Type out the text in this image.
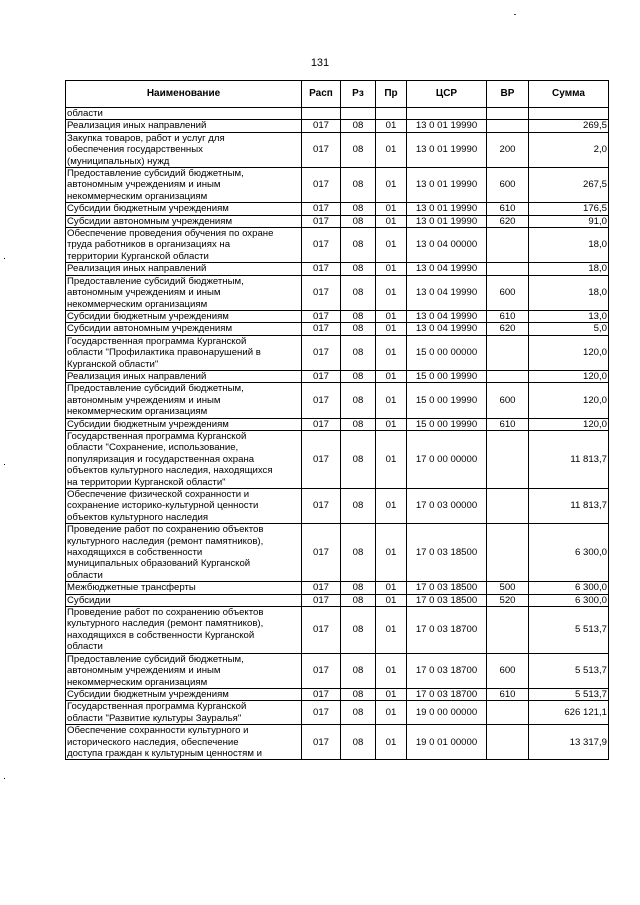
131
Наименование	Расп	Рз	Пр	ЦСР	ВР	Сумма
области						
Реализация иных направлений	017	08	01	13 0 01 19990		269,5
Закупка товаров, работ и услуг для
обеспечения государственных
(муниципальных) нужд	017	08	01	13 0 01 19990	200	2,0
Предоставление субсидий бюджетным,
автономным учреждениям и иным
некоммерческим организациям	017	08	01	13 0 01 19990	600	267,5
Субсидии бюджетным учреждениям	017	08	01	13 0 01 19990	610	176,5
Субсидии автономным учреждениям	017	08	01	13 0 01 19990	620	91,0
Обеспечение проведения обучения по охране
труда работников в организациях на
территории Курганской области	017	08	01	13 0 04 00000		18,0
Реализация иных направлений	017	08	01	13 0 04 19990		18,0
Предоставление субсидий бюджетным,
автономным учреждениям и иным
некоммерческим организациям	017	08	01	13 0 04 19990	600	18,0
Субсидии бюджетным учреждениям	017	08	01	13 0 04 19990	610	13,0
Субсидии автономным учреждениям	017	08	01	13 0 04 19990	620	5,0
Государственная программа Курганской
области "Профилактика правонарушений в
Курганской области"	017	08	01	15 0 00 00000		120,0
Реализация иных направлений	017	08	01	15 0 00 19990		120,0
Предоставление субсидий бюджетным,
автономным учреждениям и иным
некоммерческим организациям	017	08	01	15 0 00 19990	600	120,0
Субсидии бюджетным учреждениям	017	08	01	15 0 00 19990	610	120,0
Государственная программа Курганской
области "Сохранение, использование,
популяризация и государственная охрана
объектов культурного наследия, находящихся
на территории Курганской области"	017	08	01	17 0 00 00000		11 813,7
Обеспечение физической сохранности и
сохранение историко-культурной ценности
объектов культурного наследия	017	08	01	17 0 03 00000		11 813,7
Проведение работ по сохранению объектов
культурного наследия (ремонт памятников),
находящихся в собственности
муниципальных образований Курганской
области	017	08	01	17 0 03 18500		6 300,0
Межбюджетные трансферты	017	08	01	17 0 03 18500	500	6 300,0
Субсидии	017	08	01	17 0 03 18500	520	6 300,0
Проведение работ по сохранению объектов
культурного наследия (ремонт памятников),
находящихся в собственности Курганской
области	017	08	01	17 0 03 18700		5 513,7
Предоставление субсидий бюджетным,
автономным учреждениям и иным
некоммерческим организациям	017	08	01	17 0 03 18700	600	5 513,7
Субсидии бюджетным учреждениям	017	08	01	17 0 03 18700	610	5 513,7
Государственная программа Курганской
области "Развитие культуры Зауралья"	017	08	01	19 0 00 00000		626 121,1
Обеспечение сохранности культурного и
исторического наследия, обеспечение
доступа граждан к культурным ценностям и	017	08	01	19 0 01 00000		13 317,9
